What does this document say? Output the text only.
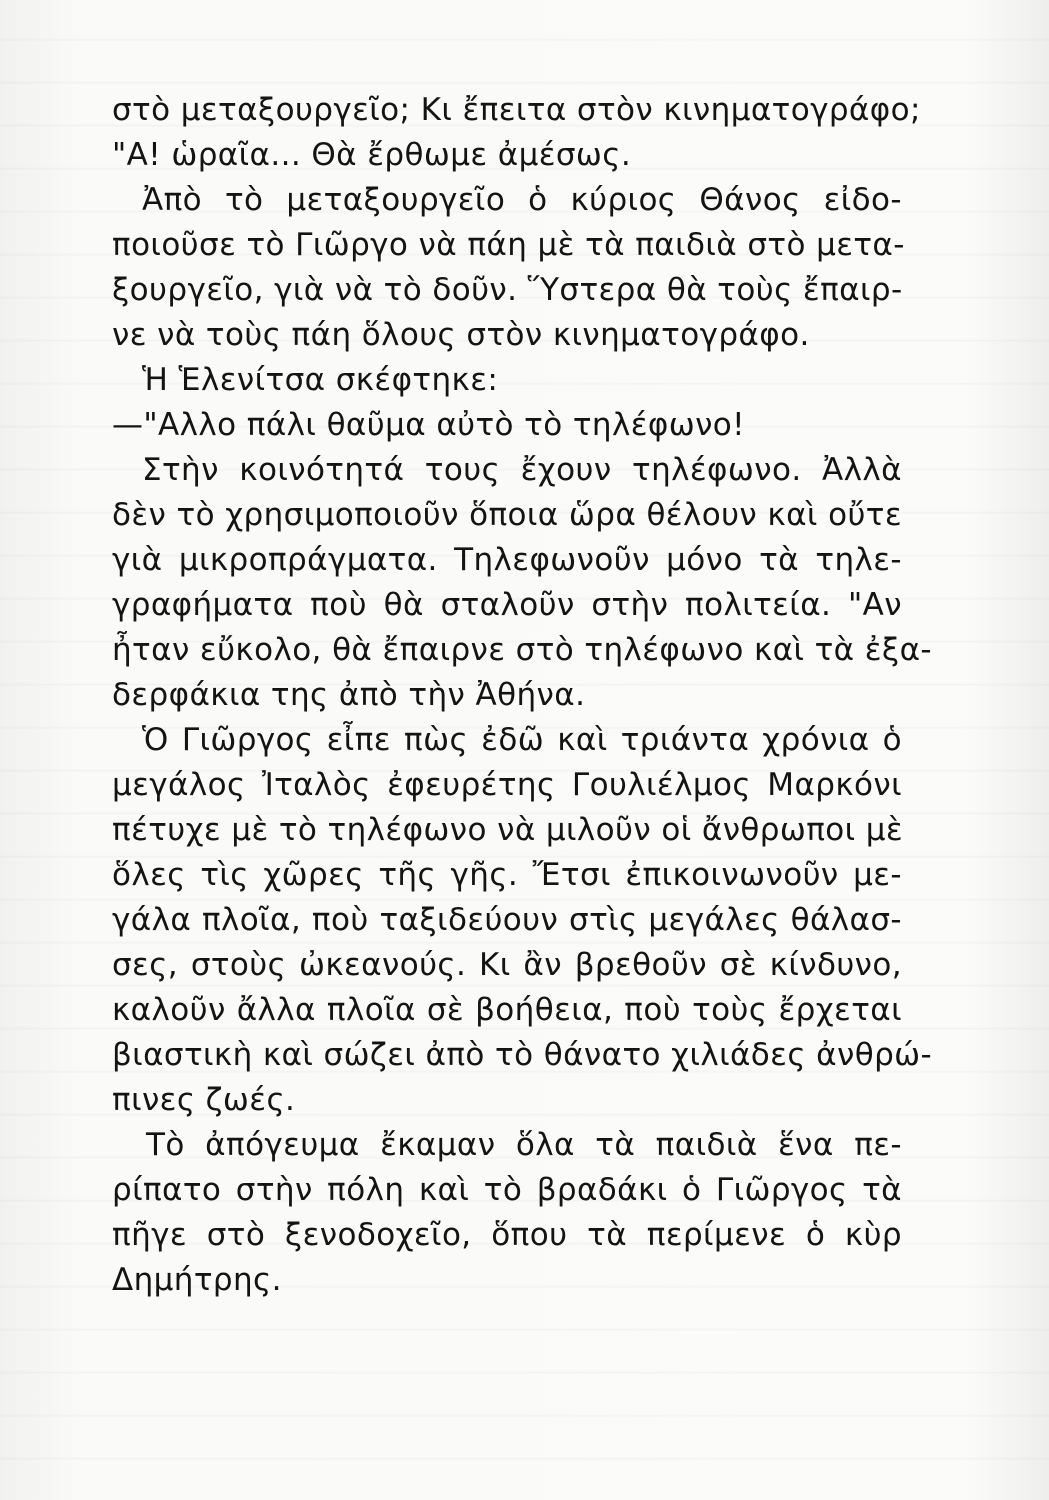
στὸ μεταξουργεῖο; Κι ἔπειτα στὸν κινηματογράφο;
"Α! ὡραῖα... Θὰ ἔρθωμε ἀμέσως.
Ἀπὸ τὸ μεταξουργεῖο ὁ κύριος Θάνος εἰδο-
ποιοῦσε τὸ Γιῶργο νὰ πάη μὲ τὰ παιδιὰ στὸ μετα-
ξουργεῖο, γιὰ νὰ τὸ δοῦν. Ὕστερα θὰ τοὺς ἔπαιρ-
νε νὰ τοὺς πάη ὅλους στὸν κινηματογράφο.
Ἡ Ἑλενίτσα σκέφτηκε:
—"Αλλο πάλι θαῦμα αὐτὸ τὸ τηλέφωνο!
Στὴν κοινότητά τους ἔχουν τηλέφωνο. Ἀλλὰ
δὲν τὸ χρησιμοποιοῦν ὅποια ὥρα θέλουν καὶ οὔτε
γιὰ μικροπράγματα. Τηλεφωνοῦν μόνο τὰ τηλε-
γραφήματα ποὺ θὰ σταλοῦν στὴν πολιτεία. "Αν
ἦταν εὔκολο, θὰ ἔπαιρνε στὸ τηλέφωνο καὶ τὰ ἐξα-
δερφάκια της ἀπὸ τὴν Ἀθήνα.
Ὁ Γιῶργος εἶπε πὼς ἐδῶ καὶ τριάντα χρόνια ὁ
μεγάλος Ἰταλὸς ἐφευρέτης Γουλιέλμος Μαρκόνι
πέτυχε μὲ τὸ τηλέφωνο νὰ μιλοῦν οἱ ἄνθρωποι μὲ
ὅλες τὶς χῶρες τῆς γῆς. Ἔτσι ἐπικοινωνοῦν με-
γάλα πλοῖα, ποὺ ταξιδεύουν στὶς μεγάλες θάλασ-
σες, στοὺς ὠκεανούς. Κι ἂν βρεθοῦν σὲ κίνδυνο,
καλοῦν ἄλλα πλοῖα σὲ βοήθεια, ποὺ τοὺς ἔρχεται
βιαστικὴ καὶ σώζει ἀπὸ τὸ θάνατο χιλιάδες ἀνθρώ-
πινες ζωές.
Τὸ ἀπόγευμα ἔκαμαν ὅλα τὰ παιδιὰ ἕνα πε-
ρίπατο στὴν πόλη καὶ τὸ βραδάκι ὁ Γιῶργος τὰ
πῆγε στὸ ξενοδοχεῖο, ὅπου τὰ περίμενε ὁ κὺρ
Δημήτρης.
